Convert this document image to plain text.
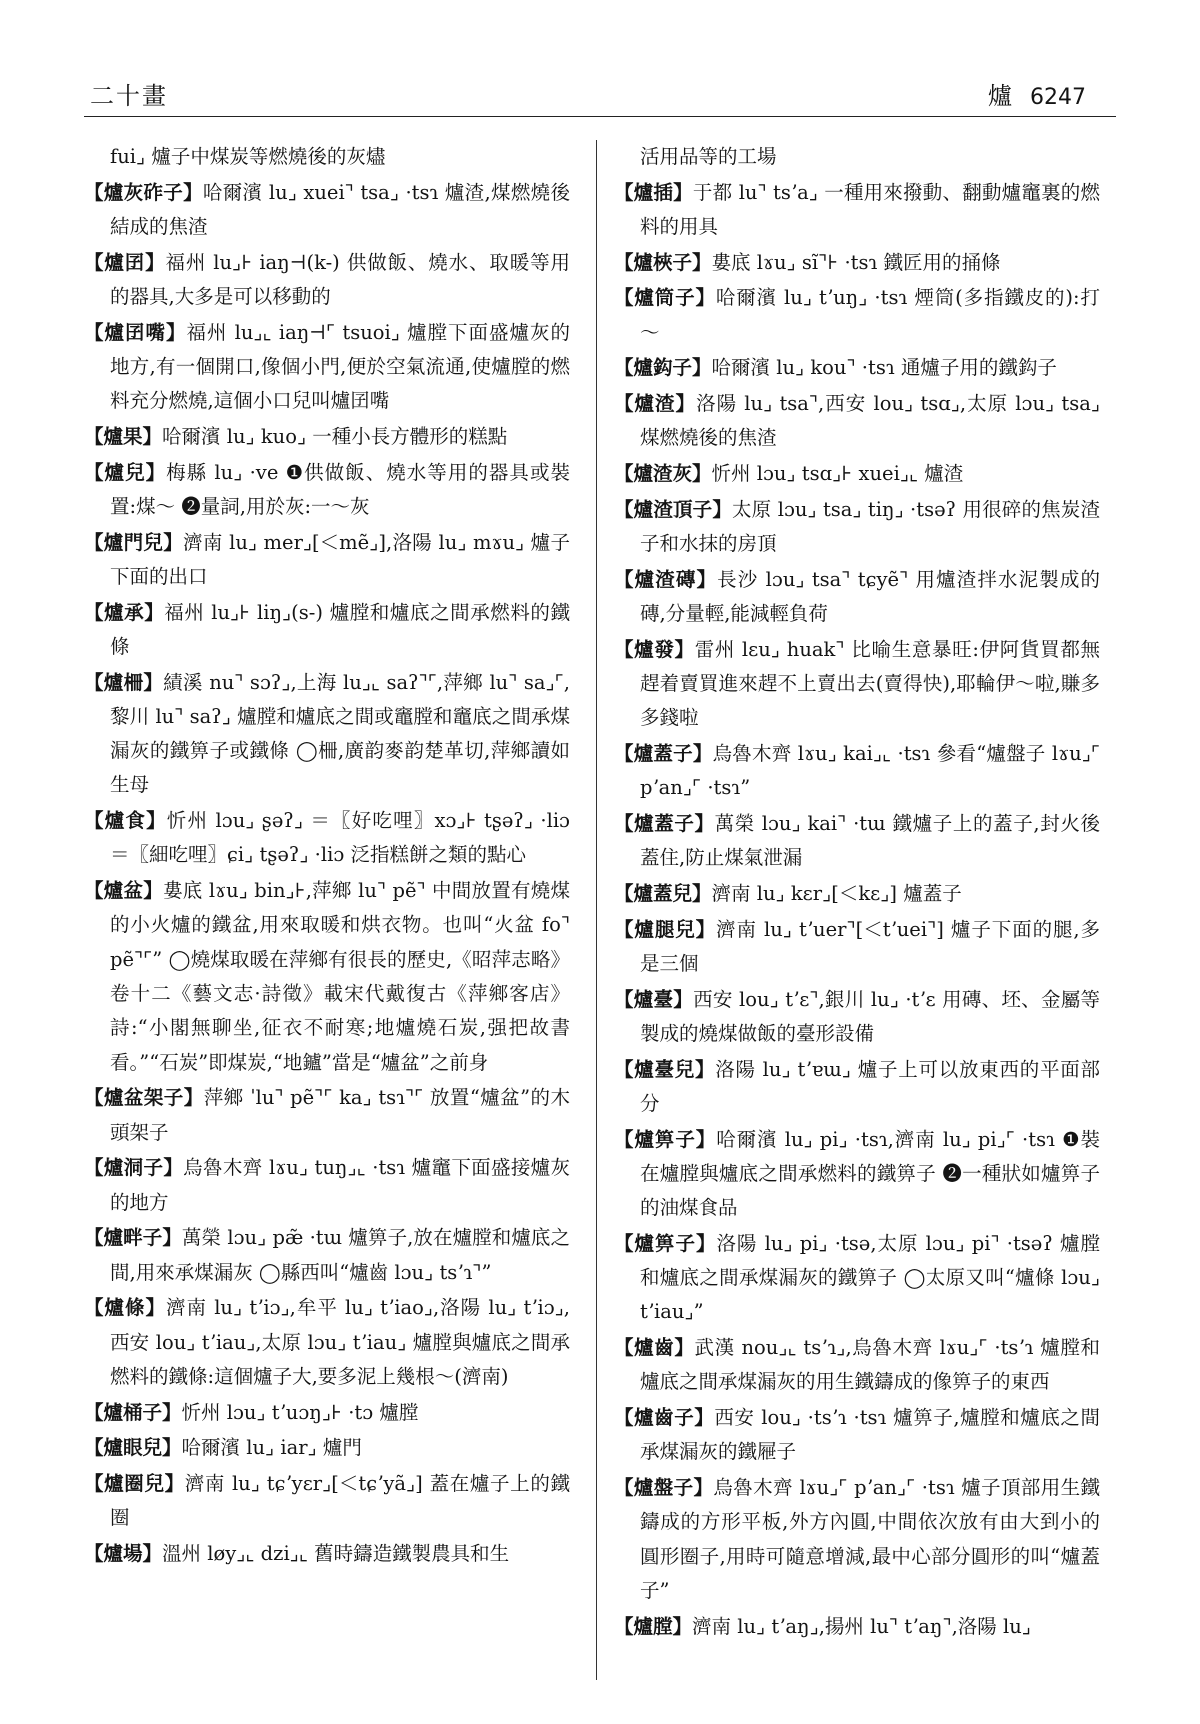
二十畫	爐 6247
fui⌟ 爐子中煤炭等燃燒後的灰燼
【爐灰砟子】哈爾濱 lu⌟ xuei⌝ tsa⌟ ·tsɿ 爐渣,煤燃燒後結成的焦渣
【爐囝】福州 lu⌟⊦ iaŋ⊣(k-) 供做飯、燒水、取暖等用的器具,大多是可以移動的
【爐囝嘴】福州 lu⌟⌞ iaŋ⊣⌜ tsuoi⌟ 爐膛下面盛爐灰的地方,有一個開口,像個小門,便於空氣流通,使爐膛的燃料充分燃燒,這個小口兒叫爐囝嘴
【爐果】哈爾濱 lu⌟ kuo⌟ 一種小長方體形的糕點
【爐兒】梅縣 lu⌟ ·ve ❶供做飯、燒水等用的器具或裝置:煤～ ❷量詞,用於灰:一～灰
【爐門兒】濟南 lu⌟ mer⌟[＜mẽ⌟],洛陽 lu⌟ mɤu⌟ 爐子下面的出口
【爐承】福州 lu⌟⊦ liŋ⌟(s-) 爐膛和爐底之間承燃料的鐵條
【爐柵】績溪 nu⌝ sɔʔ⌟,上海 lu⌟⌞ saʔ⌝⌜,萍鄉 lu⌝ sa⌟⌜,黎川 lu⌝ saʔ⌟ 爐膛和爐底之間或竈膛和竈底之間承煤漏灰的鐵箅子或鐵條 ◯柵,廣韵麥韵楚革切,萍鄉讀如生母
【爐食】忻州 lɔu⌟ ʂəʔ⌟ ＝〖好吃哩〗xɔ⌟⊦ tʂəʔ⌟ ·liɔ ＝〖細吃哩〗ɕi⌟ tʂəʔ⌟ ·liɔ 泛指糕餅之類的點心
【爐盆】婁底 lɤu⌟ bin⌟⊦,萍鄉 lu⌝ pẽ⌝ 中間放置有燒煤的小火爐的鐵盆,用來取暖和烘衣物。也叫“火盆 fo⌝ pẽ⌝⌜” ◯燒煤取暖在萍鄉有很長的歷史,《昭萍志略》卷十二《藝文志·詩徵》載宋代戴復古《萍鄉客店》詩:“小閣無聊坐,征衣不耐寒;地爐燒石炭,强把故書看。”“石炭”即煤炭,“地鑪”當是“爐盆”之前身
【爐盆架子】萍鄉 ˈlu⌝ pẽ⌝⌜ ka⌟ tsɿ⌝⌜ 放置“爐盆”的木頭架子
【爐洞子】烏魯木齊 lɤu⌟ tuŋ⌟⌞ ·tsɿ 爐竈下面盛接爐灰的地方
【爐畔子】萬榮 lɔu⌟ pæ̃ ·tɯ 爐箅子,放在爐膛和爐底之間,用來承煤漏灰 ◯縣西叫“爐齒 lɔu⌟ tsʼɿ⌝”
【爐條】濟南 lu⌟ tʼiɔ⌟,牟平 lu⌟ tʼiao⌟,洛陽 lu⌟ tʼiɔ⌟,西安 lou⌟ tʼiau⌟,太原 lɔu⌟ tʼiau⌟ 爐膛與爐底之間承燃料的鐵條:這個爐子大,要多泥上幾根～(濟南)
【爐桶子】忻州 lɔu⌟ tʼuɔŋ⌟⊦ ·tɔ 爐膛
【爐眼兒】哈爾濱 lu⌟ iar⌟ 爐門
【爐圈兒】濟南 lu⌟ tɕʼyɛr⌟[＜tɕʼyã⌟] 蓋在爐子上的鐵圈
【爐場】溫州 løy⌟⌞ dzi⌟⌞ 舊時鑄造鐵製農具和生
活用品等的工場
【爐插】于都 lu⌝ tsʼa⌟ 一種用來撥動、翻動爐竈裏的燃料的用具
【爐梜子】婁底 lɤu⌟ sĩ⌝⊦ ·tsɿ 鐵匠用的捅條
【爐筒子】哈爾濱 lu⌟ tʼuŋ⌟ ·tsɿ 煙筒(多指鐵皮的):打～
【爐鈎子】哈爾濱 lu⌟ kou⌝ ·tsɿ 通爐子用的鐵鈎子
【爐渣】洛陽 lu⌟ tsa⌝,西安 lou⌟ tsɑ⌟,太原 lɔu⌟ tsa⌟ 煤燃燒後的焦渣
【爐渣灰】忻州 lɔu⌟ tsɑ⌟⊦ xuei⌟⌞ 爐渣
【爐渣頂子】太原 lɔu⌟ tsa⌟ tiŋ⌟ ·tsəʔ 用很碎的焦炭渣子和水抹的房頂
【爐渣磚】長沙 lɔu⌟ tsa⌝ tɕyẽ⌝ 用爐渣拌水泥製成的磚,分量輕,能減輕負荷
【爐發】雷州 lɛu⌟ huak⌝ 比喻生意暴旺:伊阿貨買都無趕着賣買進來趕不上賣出去(賣得快),耶輪伊～啦,賺多多錢啦
【爐蓋子】烏魯木齊 lɤu⌟ kai⌟⌞ ·tsɿ 參看“爐盤子 lɤu⌟⌜ pʼan⌟⌜ ·tsɿ”
【爐蓋子】萬榮 lɔu⌟ kai⌝ ·tɯ 鐵爐子上的蓋子,封火後蓋住,防止煤氣泄漏
【爐蓋兒】濟南 lu⌟ kɛr⌟[＜kɛ⌟] 爐蓋子
【爐腿兒】濟南 lu⌟ tʼuer⌝[＜tʼuei⌝] 爐子下面的腿,多是三個
【爐臺】西安 lou⌟ tʼɛ⌝,銀川 lu⌟ ·tʼɛ 用磚、坯、金屬等製成的燒煤做飯的臺形設備
【爐臺兒】洛陽 lu⌟ tʼɐɯ⌟ 爐子上可以放東西的平面部分
【爐箅子】哈爾濱 lu⌟ pi⌟ ·tsɿ,濟南 lu⌟ pi⌟⌜ ·tsɿ ❶裝在爐膛與爐底之間承燃料的鐵箅子 ❷一種狀如爐箅子的油煤食品
【爐箅子】洛陽 lu⌟ pi⌟ ·tsə,太原 lɔu⌟ pi⌝ ·tsəʔ 爐膛和爐底之間承煤漏灰的鐵箅子 ◯太原又叫“爐條 lɔu⌟ tʼiau⌟”
【爐齒】武漢 nou⌟⌞ tsʼɿ⌟,烏魯木齊 lɤu⌟⌜ ·tsʼɿ 爐膛和爐底之間承煤漏灰的用生鐵鑄成的像箅子的東西
【爐齒子】西安 lou⌟ ·tsʼɿ ·tsɿ 爐箅子,爐膛和爐底之間承煤漏灰的鐵屜子
【爐盤子】烏魯木齊 lɤu⌟⌜ pʼan⌟⌜ ·tsɿ 爐子頂部用生鐵鑄成的方形平板,外方內圓,中間依次放有由大到小的圓形圈子,用時可隨意增減,最中心部分圓形的叫“爐蓋子”
【爐膛】濟南 lu⌟ tʼaŋ⌟,揚州 lu⌝ tʼaŋ⌝,洛陽 lu⌟
